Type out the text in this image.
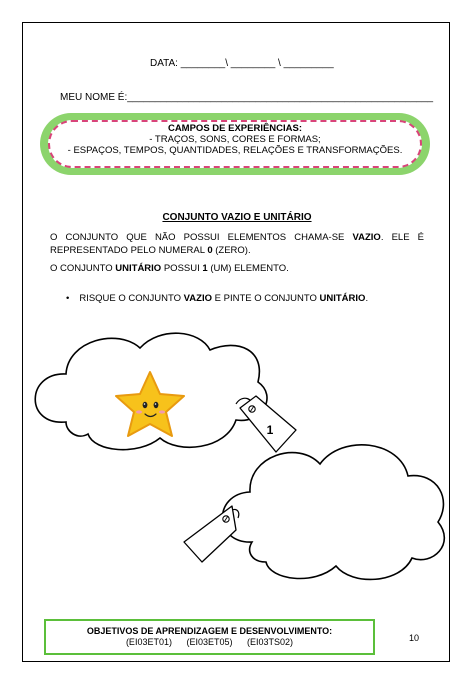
DATA: ________\ ________ \ _________
MEU NOME É:_______________________________________________________
CAMPOS DE EXPERIÊNCIAS:
- TRAÇOS, SONS, CORES E FORMAS;
- ESPAÇOS, TEMPOS, QUANTIDADES, RELAÇÕES E TRANSFORMAÇÕES.
CONJUNTO VAZIO E UNITÁRIO
O CONJUNTO QUE NÃO POSSUI ELEMENTOS CHAMA-SE VAZIO. ELE É
REPRESENTADO PELO NUMERAL 0 (ZERO).
O CONJUNTO UNITÁRIO POSSUI 1 (UM) ELEMENTO.
• RISQUE O CONJUNTO VAZIO E PINTE O CONJUNTO UNITÁRIO.
1
OBJETIVOS DE APRENDIZAGEM E DESENVOLVIMENTO:
(EI03ET01) (EI03ET05) (EI03TS02)	10
